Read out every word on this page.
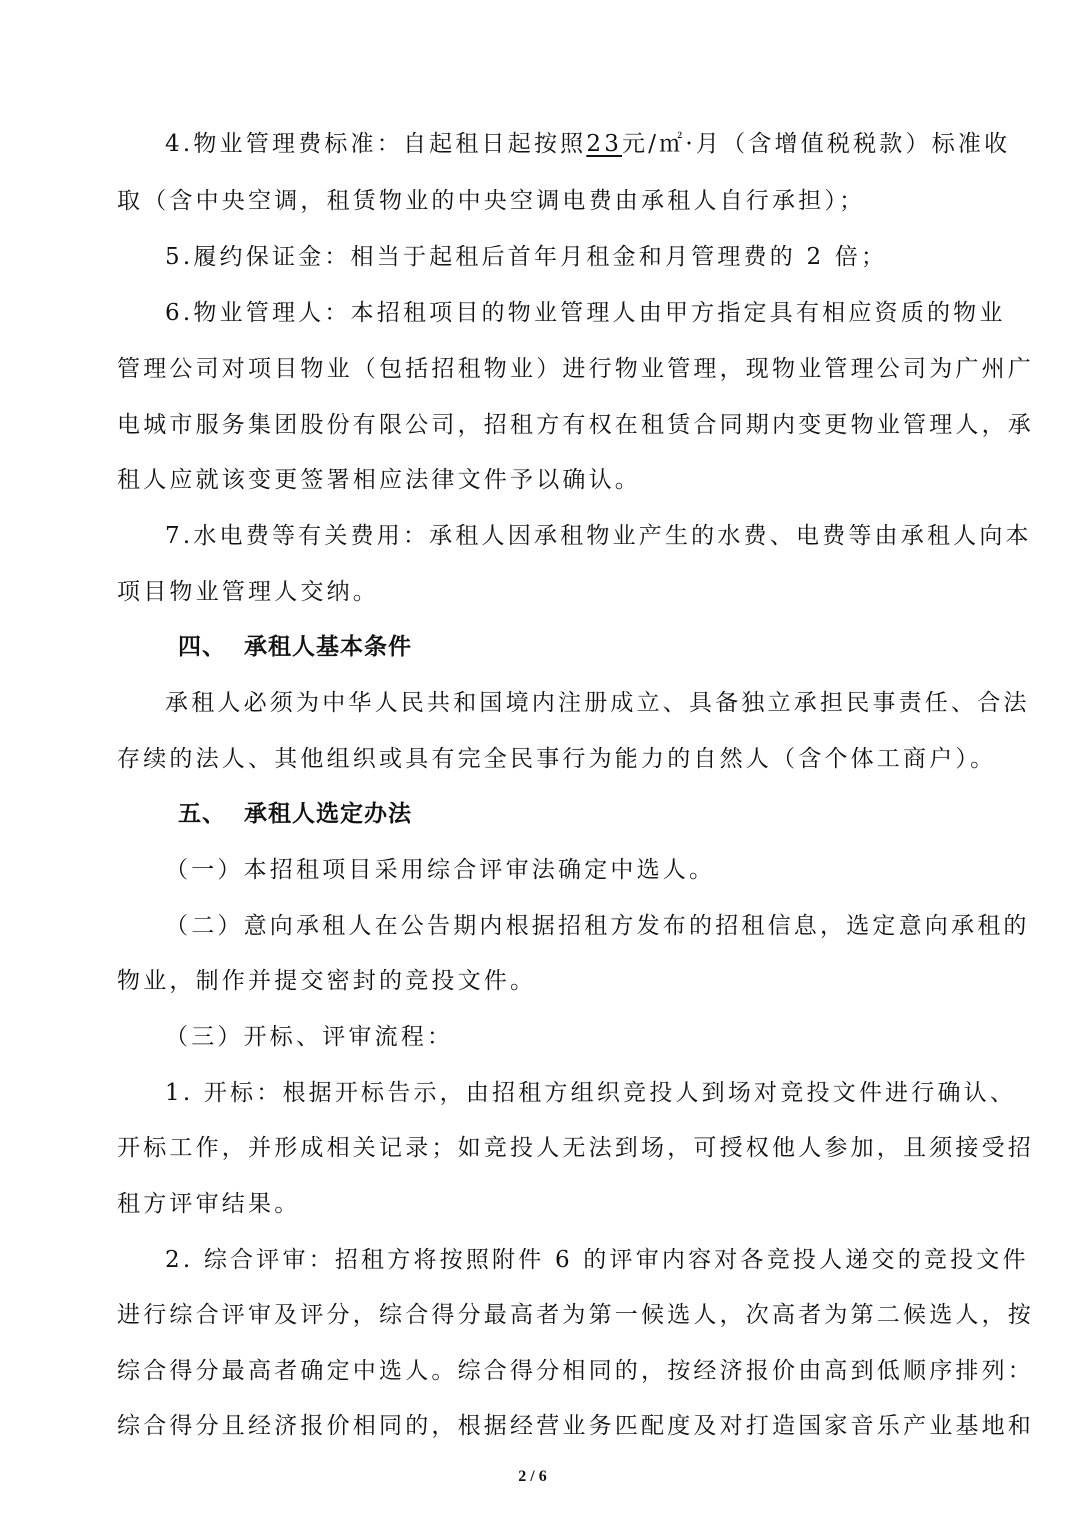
4.物业管理费标准：自起租日起按照23元/㎡·月（含增值税税款）标准收
取（含中央空调，租赁物业的中央空调电费由承租人自行承担）；
5.履约保证金：相当于起租后首年月租金和月管理费的 2 倍；
6.物业管理人：本招租项目的物业管理人由甲方指定具有相应资质的物业
管理公司对项目物业（包括招租物业）进行物业管理，现物业管理公司为广州广
电城市服务集团股份有限公司，招租方有权在租赁合同期内变更物业管理人，承
租人应就该变更签署相应法律文件予以确认。
7.水电费等有关费用：承租人因承租物业产生的水费、电费等由承租人向本
项目物业管理人交纳。
四、 承租人基本条件
承租人必须为中华人民共和国境内注册成立、具备独立承担民事责任、合法
存续的法人、其他组织或具有完全民事行为能力的自然人（含个体工商户）。
五、 承租人选定办法
（一）本招租项目采用综合评审法确定中选人。
（二）意向承租人在公告期内根据招租方发布的招租信息，选定意向承租的
物业，制作并提交密封的竞投文件。
（三）开标、评审流程：
1. 开标：根据开标告示，由招租方组织竞投人到场对竞投文件进行确认、
开标工作，并形成相关记录；如竞投人无法到场，可授权他人参加，且须接受招
租方评审结果。
2. 综合评审：招租方将按照附件 6 的评审内容对各竞投人递交的竞投文件
进行综合评审及评分，综合得分最高者为第一候选人，次高者为第二候选人，按
综合得分最高者确定中选人。综合得分相同的，按经济报价由高到低顺序排列：
综合得分且经济报价相同的，根据经营业务匹配度及对打造国家音乐产业基地和
2 / 6
